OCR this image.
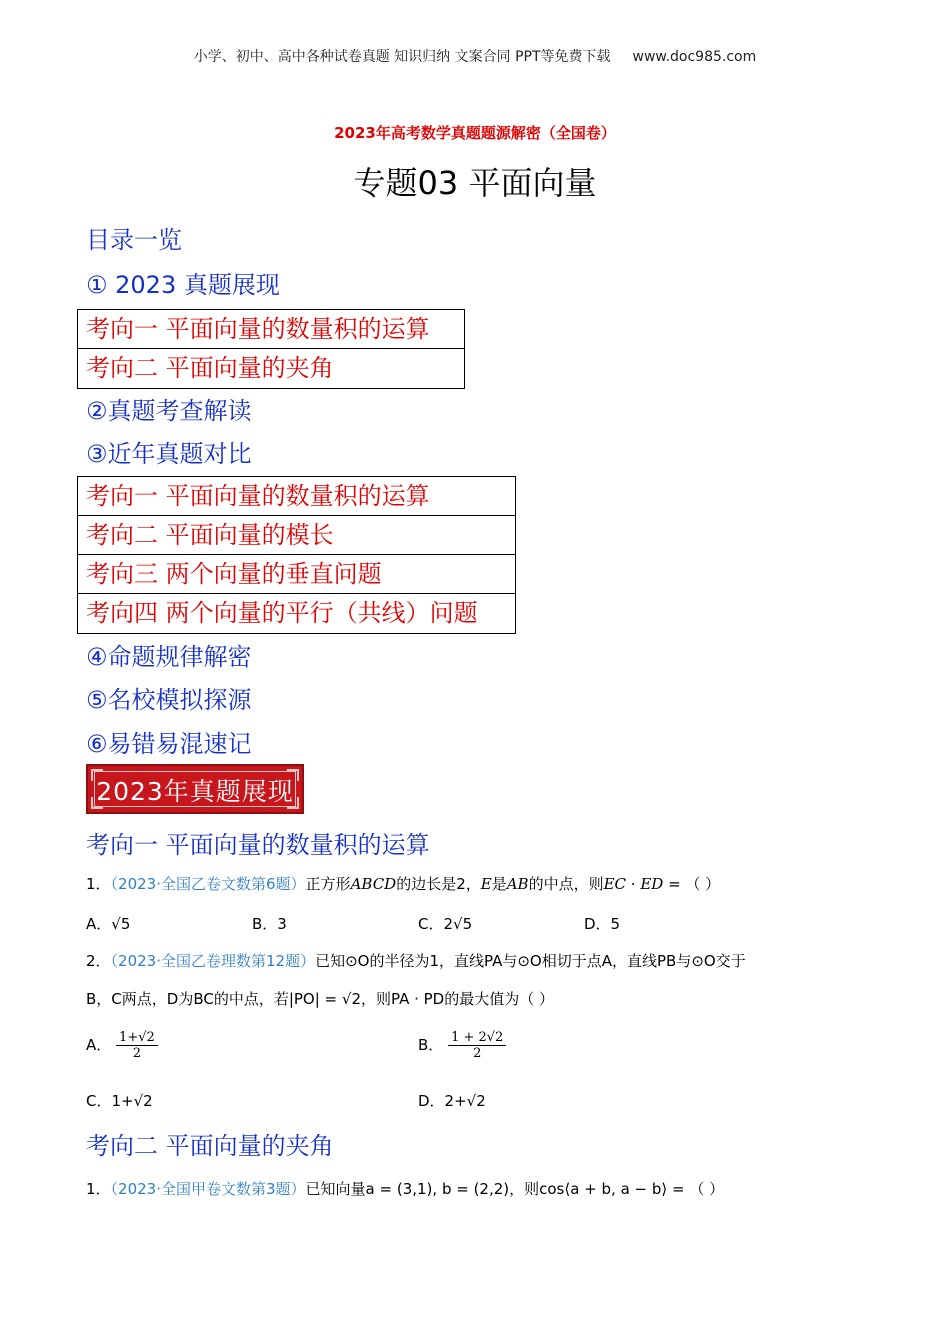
小学、初中、高中各种试卷真题 知识归纳 文案合同 PPT等免费下载 www.doc985.com
2023年高考数学真题题源解密（全国卷）
专题03 平面向量
目录一览
① 2023 真题展现
考向一 平面向量的数量积的运算
考向二 平面向量的夹角
②真题考查解读
③近年真题对比
考向一 平面向量的数量积的运算
考向二 平面向量的模长
考向三 两个向量的垂直问题
考向四 两个向量的平行（共线）问题
④命题规律解密
⑤名校模拟探源
⑥易错易混速记
2023年真题展现
考向一 平面向量的数量积的运算
1．（2023·全国乙卷文数第6题）正方形ABCD的边长是2，E是AB的中点，则EC · ED = （ ）
A．√5	B．3	C．2√5	D．5
2．（2023·全国乙卷理数第12题）已知⊙O的半径为1，直线PA与⊙O相切于点A，直线PB与⊙O交于
B，C两点，D为BC的中点，若|PO| = √2，则PA · PD的最大值为（ ）
A． $\frac{1+√2}{2}$	B． $\frac{1 + 2√2}{2}$
C．1+√2	D．2+√2
考向二 平面向量的夹角
1．（2023·全国甲卷文数第3题）已知向量a = (3,1), b = (2,2)，则cos⟨a + b, a − b⟩ = （ ）
